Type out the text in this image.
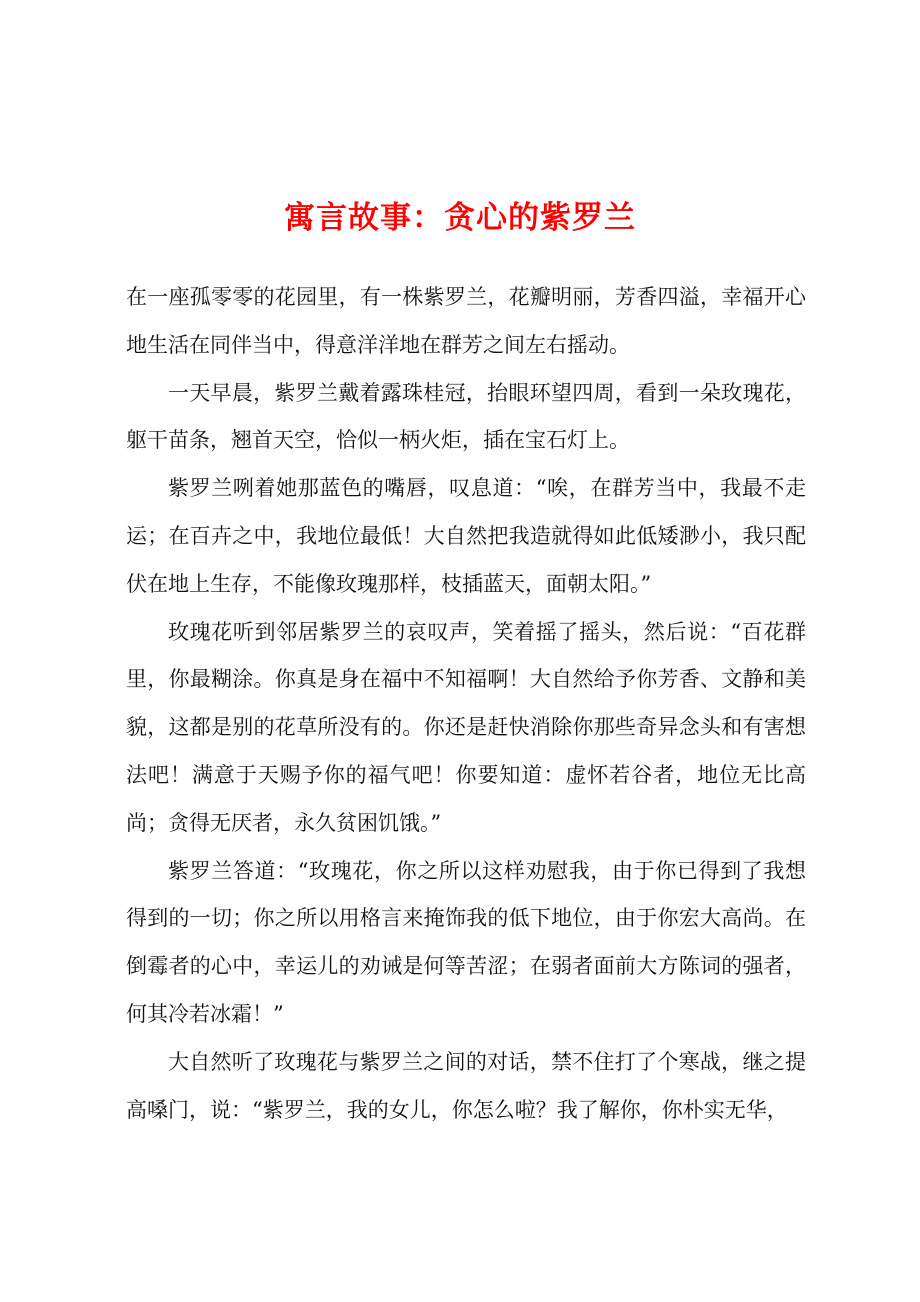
寓言故事：贪心的紫罗兰

在一座孤零零的花园里，有一株紫罗兰，花瓣明丽，芳香四溢，幸福开心地生活在同伴当中，得意洋洋地在群芳之间左右摇动。

一天早晨，紫罗兰戴着露珠桂冠，抬眼环望四周，看到一朵玫瑰花，躯干苗条，翘首天空，恰似一柄火炬，插在宝石灯上。

紫罗兰咧着她那蓝色的嘴唇，叹息道：“唉，在群芳当中，我最不走运；在百卉之中，我地位最低！大自然把我造就得如此低矮渺小，我只配伏在地上生存，不能像玫瑰那样，枝插蓝天，面朝太阳。”

玫瑰花听到邻居紫罗兰的哀叹声，笑着摇了摇头，然后说：“百花群里，你最糊涂。你真是身在福中不知福啊！大自然给予你芳香、文静和美貌，这都是别的花草所没有的。你还是赶快消除你那些奇异念头和有害想法吧！满意于天赐予你的福气吧！你要知道：虚怀若谷者，地位无比高尚；贪得无厌者，永久贫困饥饿。”

紫罗兰答道：“玫瑰花，你之所以这样劝慰我，由于你已得到了我想得到的一切；你之所以用格言来掩饰我的低下地位，由于你宏大高尚。在倒霉者的心中，幸运儿的劝诫是何等苦涩；在弱者面前大方陈词的强者，何其冷若冰霜！”

大自然听了玫瑰花与紫罗兰之间的对话，禁不住打了个寒战，继之提高嗓门，说：“紫罗兰，我的女儿，你怎么啦？我了解你，你朴实无华，
